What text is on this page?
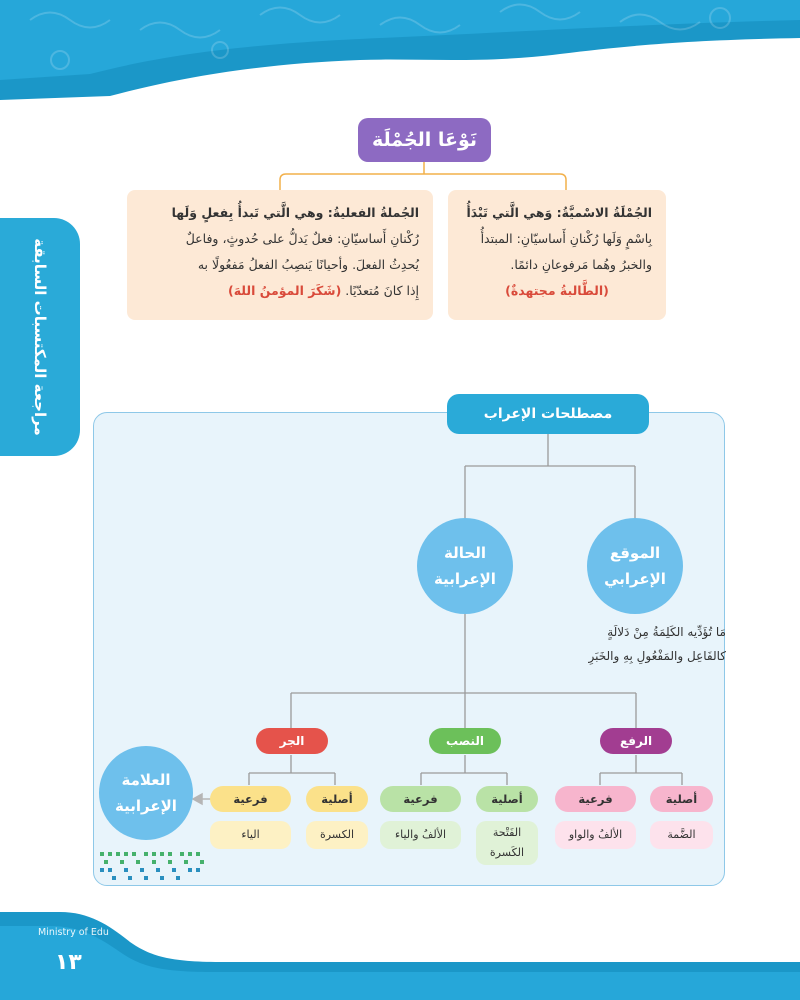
مراجعة المكتسبات السابقة
نَوْعَا الجُمْلَة
الجُمْلَةُ الاسْميَّةُ: وَهي الَّتي تَبْدَأُ
بِاسْمٍ وَلَها رُكْنانِ أَساسيّانِ: المبتدأُ
والخبرُ وهُما مَرفوعانِ دائمًا.
(الطَّالبةُ مجتهدةٌ)
الجُملةُ الفعليةُ: وهي الَّتي تَبدأُ بِفعلٍ وَلَها
رُكْنانِ أَساسيّانِ: فعلٌ يَدلُّ على حُدوثٍ، وفاعلٌ
يُحدِثُ الفعلَ. وأحيانًا يَنصِبُ الفعلُ مَفعُولًا به
إِذا كانَ مُتعدّيًا. (شَكَرَ المؤمنُ اللهَ)
مصطلحات الإعراب
الموقع الإعرابي
الحالة الإعرابية
العلامة الإعرابية
مَا تُؤَدِّيه الكَلِمَةُ مِنْ دَلالَةٍ
كالفَاعِل والمَفْعُولِ بِهِ والخَبَرِ
الرفع
النصب
الجر
أصلية
فرعية
الضَّمة
الألفُ والواو
أصلية
فرعية
الفَتْحة الكَسرة
الألفُ والياء
أصلية
فرعية
الكسرة
الياء
Ministry of Edu
١٣
